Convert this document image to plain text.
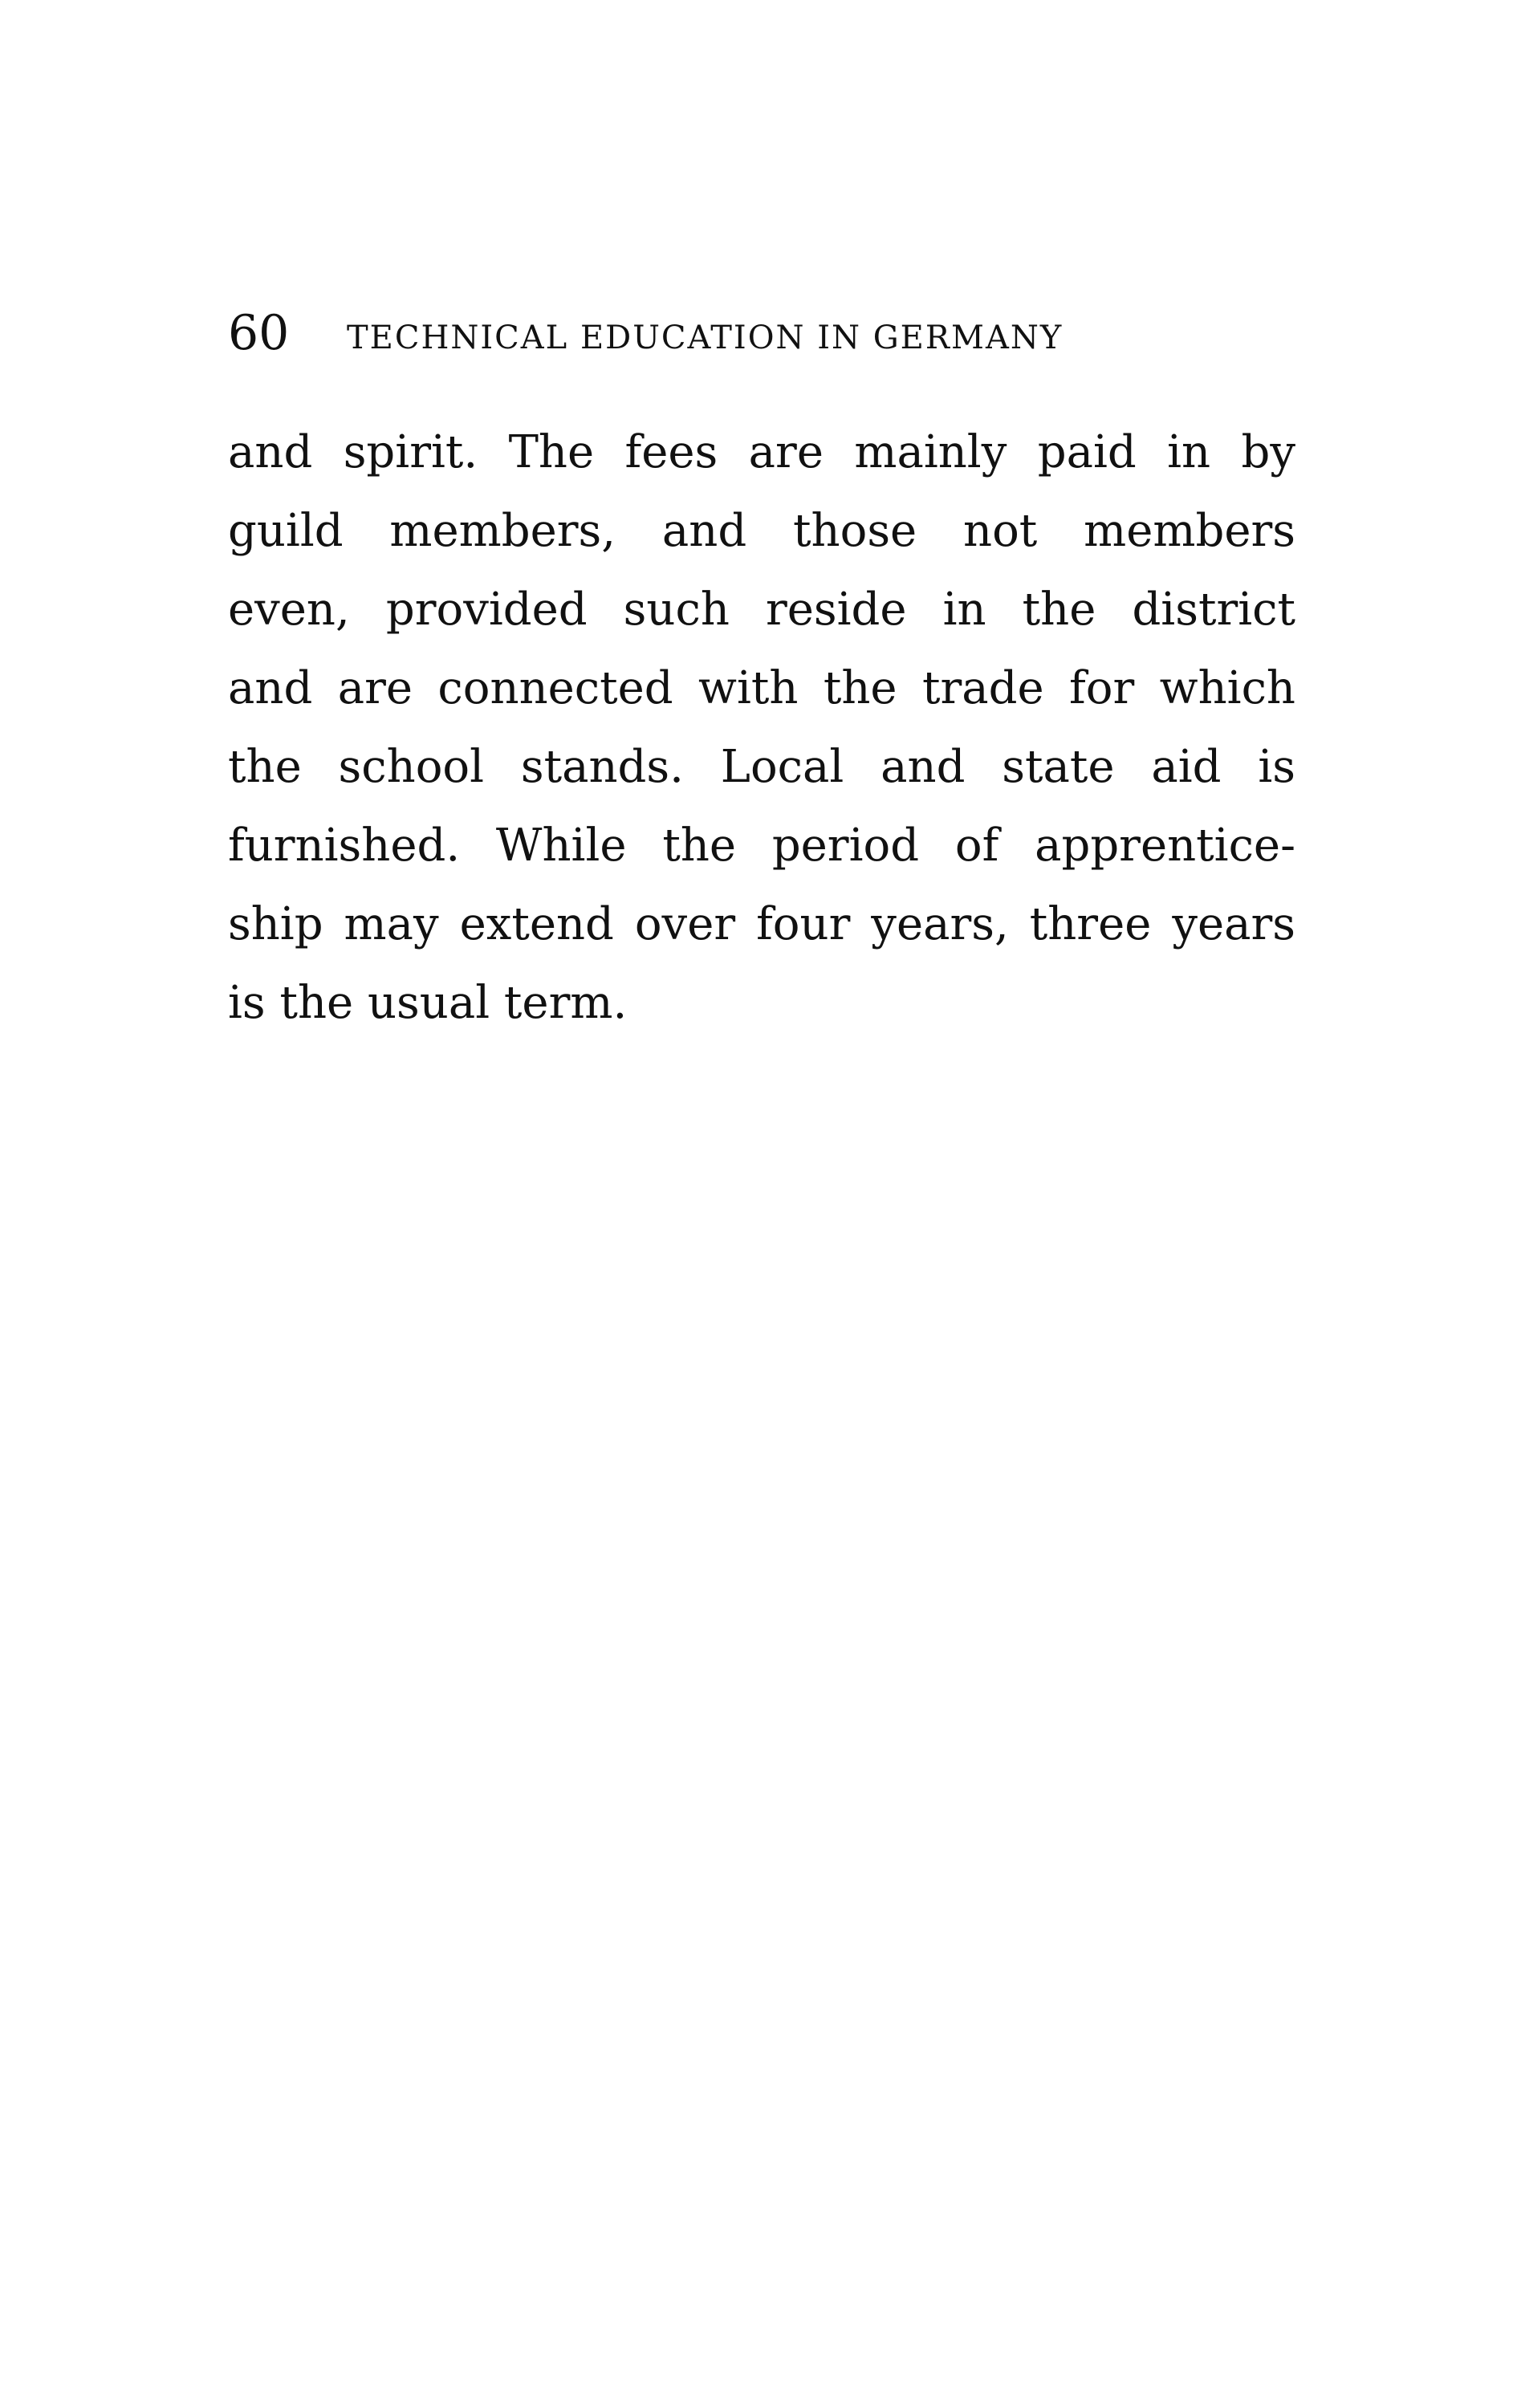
60 TECHNICAL EDUCATION IN GERMANY
and spirit. The fees are mainly paid in by
guild members, and those not members
even, provided such reside in the district
and are connected with the trade for which
the school stands. Local and state aid is
furnished. While the period of apprentice-
ship may extend over four years, three years
is the usual term.
